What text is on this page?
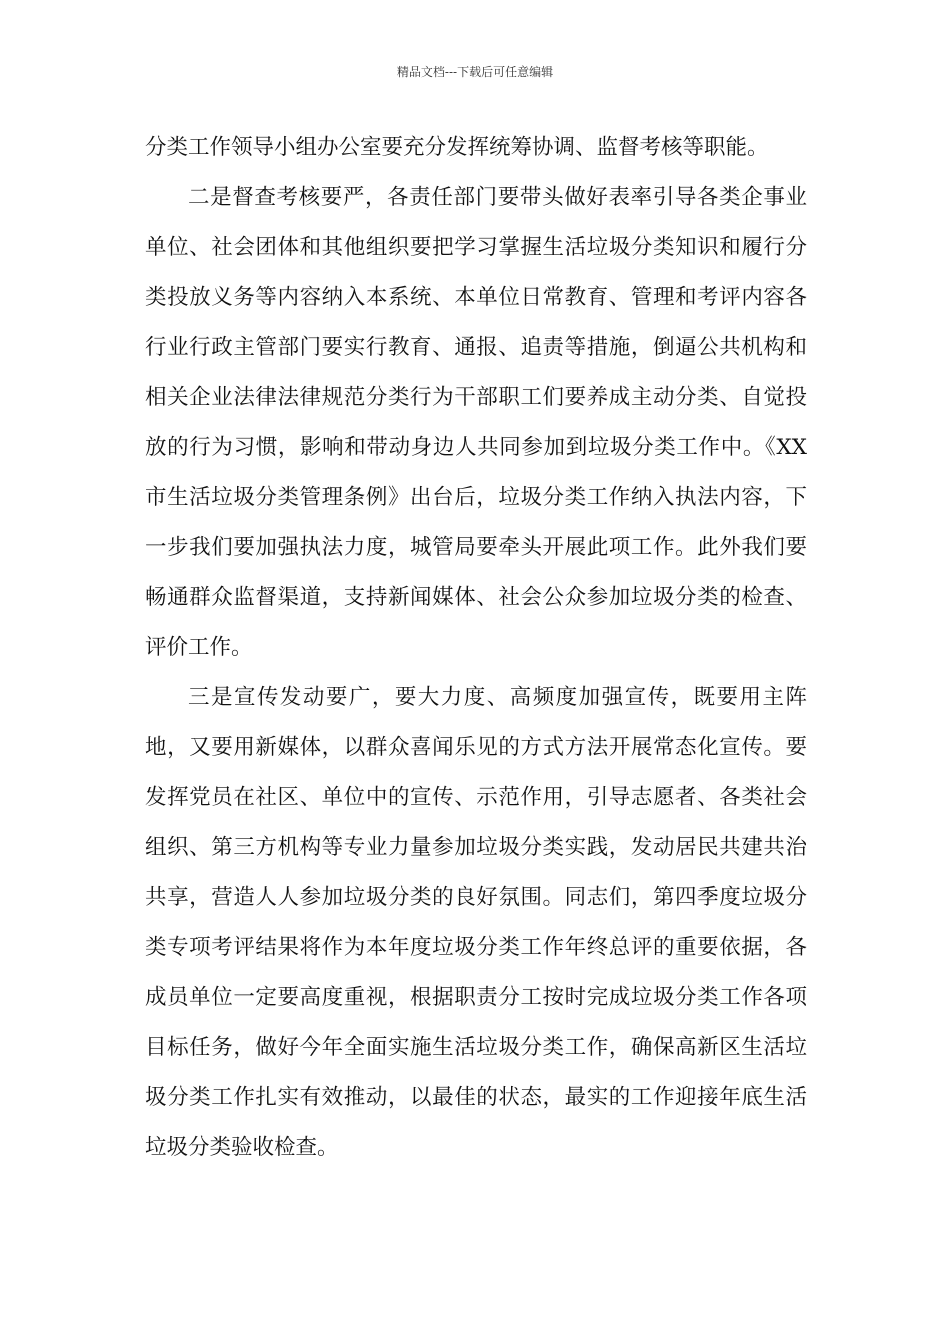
精品文档---下载后可任意编辑

分类工作领导小组办公室要充分发挥统筹协调、监督考核等职能。

二是督查考核要严，各责任部门要带头做好表率引导各类企事业单位、社会团体和其他组织要把学习掌握生活垃圾分类知识和履行分类投放义务等内容纳入本系统、本单位日常教育、管理和考评内容各行业行政主管部门要实行教育、通报、追责等措施，倒逼公共机构和相关企业法律法律规范分类行为干部职工们要养成主动分类、自觉投放的行为习惯，影响和带动身边人共同参加到垃圾分类工作中。《XX市生活垃圾分类管理条例》出台后，垃圾分类工作纳入执法内容，下一步我们要加强执法力度，城管局要牵头开展此项工作。此外我们要畅通群众监督渠道，支持新闻媒体、社会公众参加垃圾分类的检查、评价工作。

三是宣传发动要广，要大力度、高频度加强宣传，既要用主阵地，又要用新媒体，以群众喜闻乐见的方式方法开展常态化宣传。要发挥党员在社区、单位中的宣传、示范作用，引导志愿者、各类社会组织、第三方机构等专业力量参加垃圾分类实践，发动居民共建共治共享，营造人人参加垃圾分类的良好氛围。同志们，第四季度垃圾分类专项考评结果将作为本年度垃圾分类工作年终总评的重要依据，各成员单位一定要高度重视，根据职责分工按时完成垃圾分类工作各项目标任务，做好今年全面实施生活垃圾分类工作，确保高新区生活垃圾分类工作扎实有效推动，以最佳的状态，最实的工作迎接年底生活垃圾分类验收检查。
